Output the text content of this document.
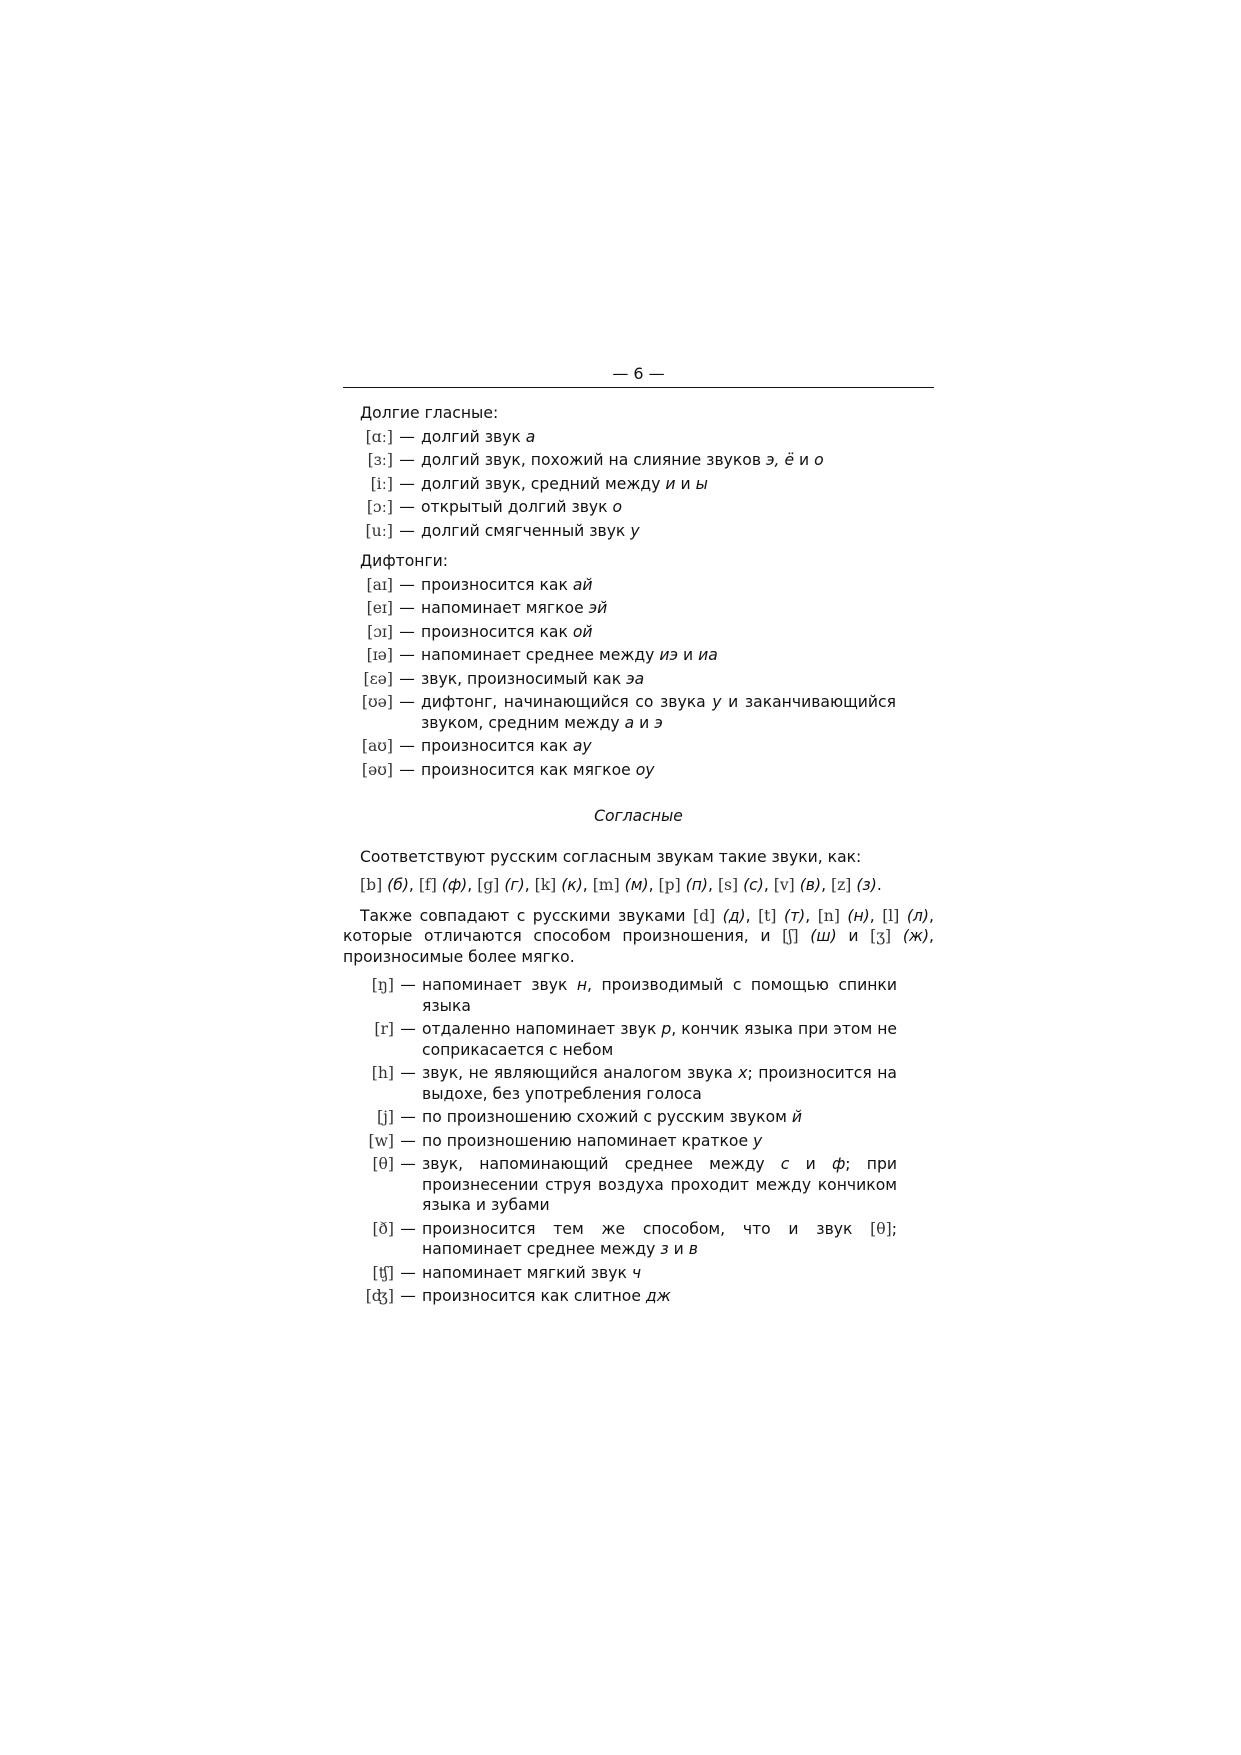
— 6 —

Долгие гласные:

[ɑː] — долгий звук а
[ɜː] — долгий звук, похожий на слияние звуков э, ё и о
[iː] — долгий звук, средний между и и ы
[ɔː] — открытый долгий звук о
[uː] — долгий смягченный звук у

Дифтонги:

[aɪ] — произносится как ай
[eɪ] — напоминает мягкое эй
[ɔɪ] — произносится как ой
[ɪə] — напоминает среднее между иэ и иа
[ɛə] — звук, произносимый как эа
[ʊə] — дифтонг, начинающийся со звука у и заканчивающийся звуком, средним между а и э
[aʊ] — произносится как ау
[əʊ] — произносится как мягкое оу

Согласные

Соответствуют русским согласным звукам такие звуки, как:

[b] (б), [f] (ф), [g] (г), [k] (к), [m] (м), [p] (п), [s] (с), [v] (в), [z] (з).

Также совпадают с русскими звуками [d] (д), [t] (т), [n] (н), [l] (л), которые отличаются способом произношения, и [ʃ] (ш) и [ʒ] (ж), произносимые более мягко.

[ŋ] — напоминает звук н, производимый с помощью спинки языка
[r] — отдаленно напоминает звук р, кончик языка при этом не соприкасается с небом
[h] — звук, не являющийся аналогом звука x; произносится на выдохе, без употребления голоса
[j] — по произношению схожий с русским звуком й
[w] — по произношению напоминает краткое у
[θ] — звук, напоминающий среднее между с и ф; при произнесении струя воздуха проходит между кончиком языка и зубами
[ð] — произносится тем же способом, что и звук [θ]; напоминает среднее между з и в
[ʧ] — напоминает мягкий звук ч
[ʤ] — произносится как слитное дж
